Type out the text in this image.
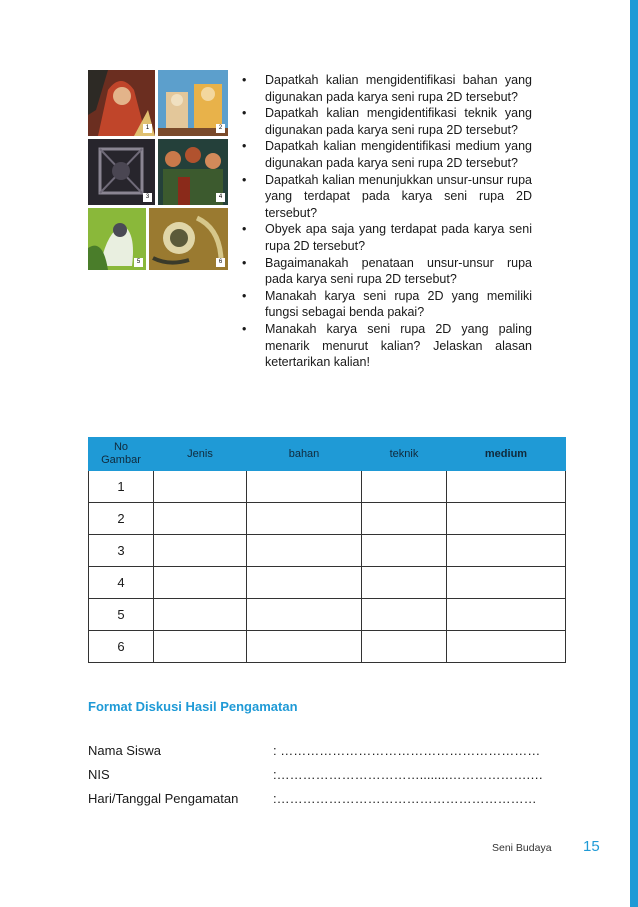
1	2
3	4
5	6
• Dapatkah kalian mengidentifikasi bahan yang digunakan pada karya seni rupa 2D tersebut?
• Dapatkah kalian mengidentifikasi teknik yang digunakan pada karya seni rupa 2D tersebut?
• Dapatkah kalian mengidentifikasi medium yang digunakan pada karya seni rupa 2D tersebut?
• Dapatkah kalian menunjukkan unsur-unsur rupa yang terdapat pada karya seni rupa 2D tersebut?
• Obyek apa saja yang terdapat pada karya seni rupa 2D tersebut?
• Bagaimanakah penataan unsur-unsur rupa pada karya seni rupa 2D tersebut?
• Manakah karya seni rupa 2D yang memiliki fungsi sebagai benda pakai?
• Manakah karya seni rupa 2D yang paling menarik menurut kalian? Jelaskan alasan ketertarikan kalian!
No Gambar	Jenis	bahan	teknik	medium
1				
2				
3				
4				
5				
6				
Format Diskusi Hasil Pengamatan
Nama Siswa	: ……………………………………………………
NIS	:……………………………........……………….…
Hari/Tanggal Pengamatan	:……………………………………………………
Seni Budaya 15
